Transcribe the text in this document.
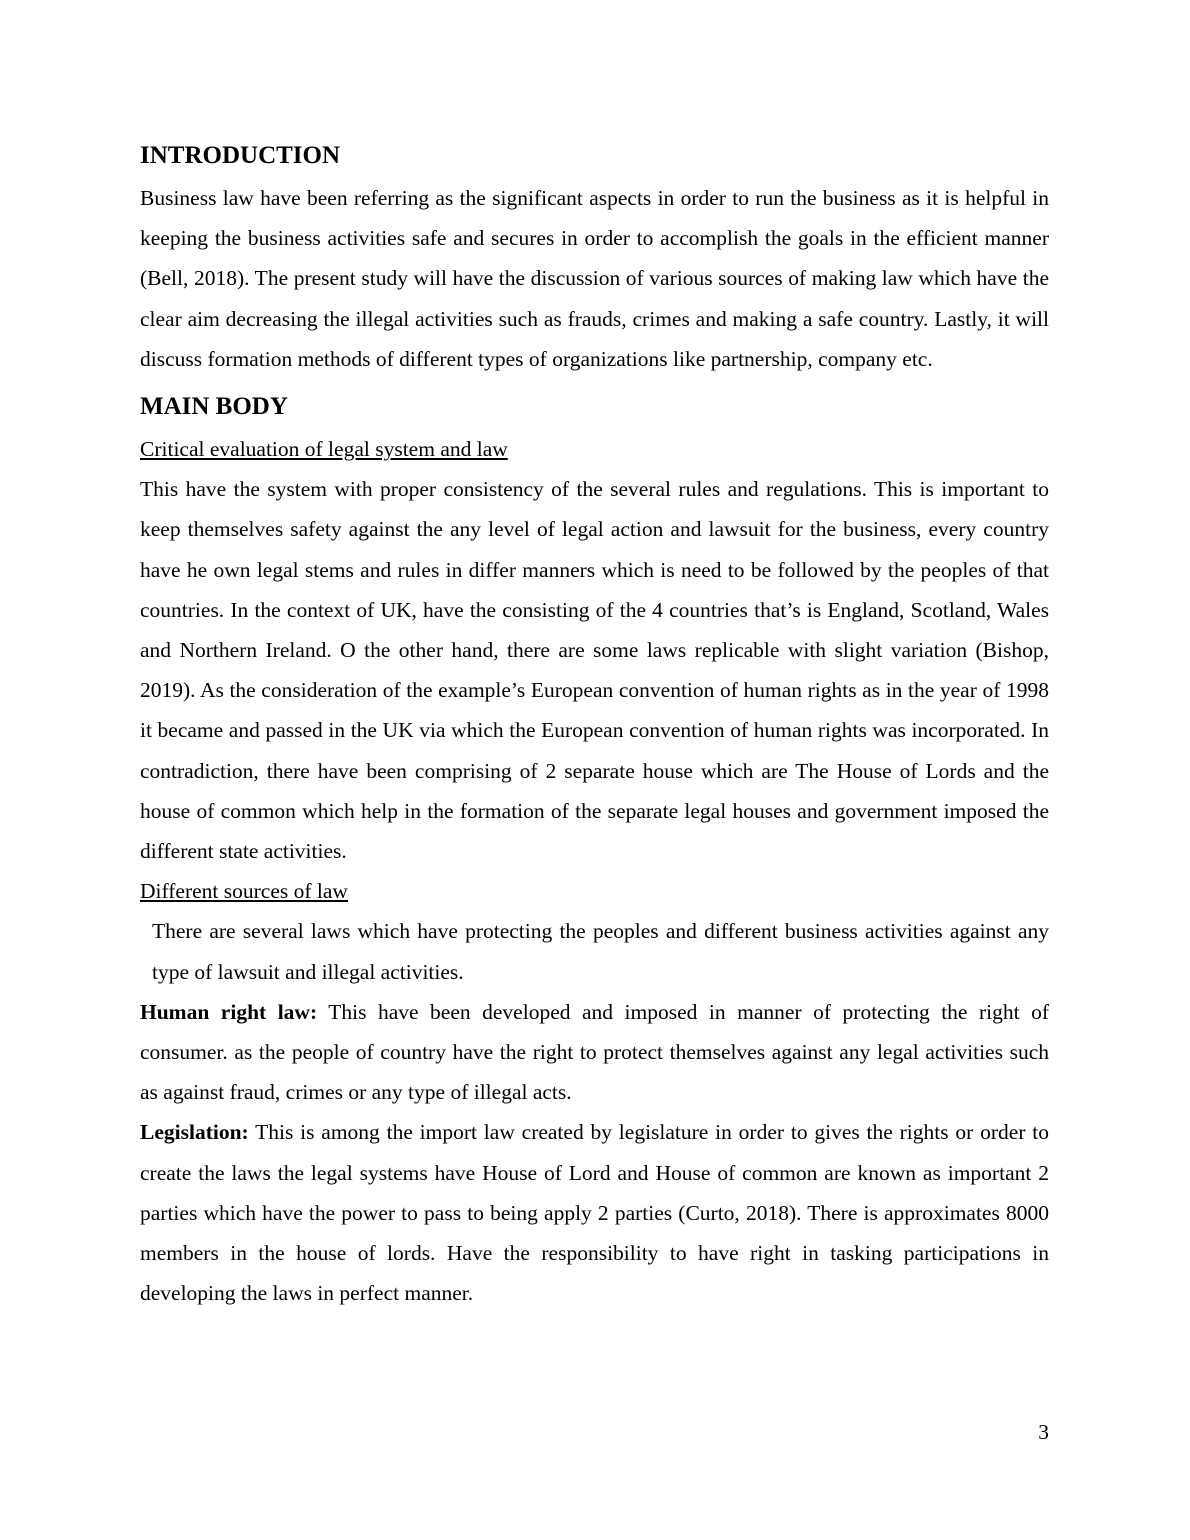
INTRODUCTION

Business law have been referring as the significant aspects in order to run the business as it is helpful in keeping the business activities safe and secures in order to accomplish the goals in the efficient manner (Bell, 2018). The present study will have the discussion of various sources of making law which have the clear aim decreasing the illegal activities such as frauds, crimes and making a safe country. Lastly, it will discuss formation methods of different types of organizations like partnership, company etc.

MAIN BODY

Critical evaluation of legal system and law

This have the system with proper consistency of the several rules and regulations. This is important to keep themselves safety against the any level of legal action and lawsuit for the business, every country have he own legal stems and rules in differ manners which is need to be followed by the peoples of that countries. In the context of UK, have the consisting of the 4 countries that’s is England, Scotland, Wales and Northern Ireland. O the other hand, there are some laws replicable with slight variation (Bishop, 2019). As the consideration of the example’s European convention of human rights as in the year of 1998 it became and passed in the UK via which the European convention of human rights was incorporated. In contradiction, there have been comprising of 2 separate house which are The House of Lords and the house of common which help in the formation of the separate legal houses and government imposed the different state activities.

Different sources of law

There are several laws which have protecting the peoples and different business activities against any type of lawsuit and illegal activities.

Human right law: This have been developed and imposed in manner of protecting the right of consumer. as the people of country have the right to protect themselves against any legal activities such as against fraud, crimes or any type of illegal acts.

Legislation: This is among the import law created by legislature in order to gives the rights or order to create the laws the legal systems have House of Lord and House of common are known as important 2 parties which have the power to pass to being apply 2 parties (Curto, 2018). There is approximates 8000 members in the house of lords. Have the responsibility to have right in tasking participations in developing the laws in perfect manner.

3
